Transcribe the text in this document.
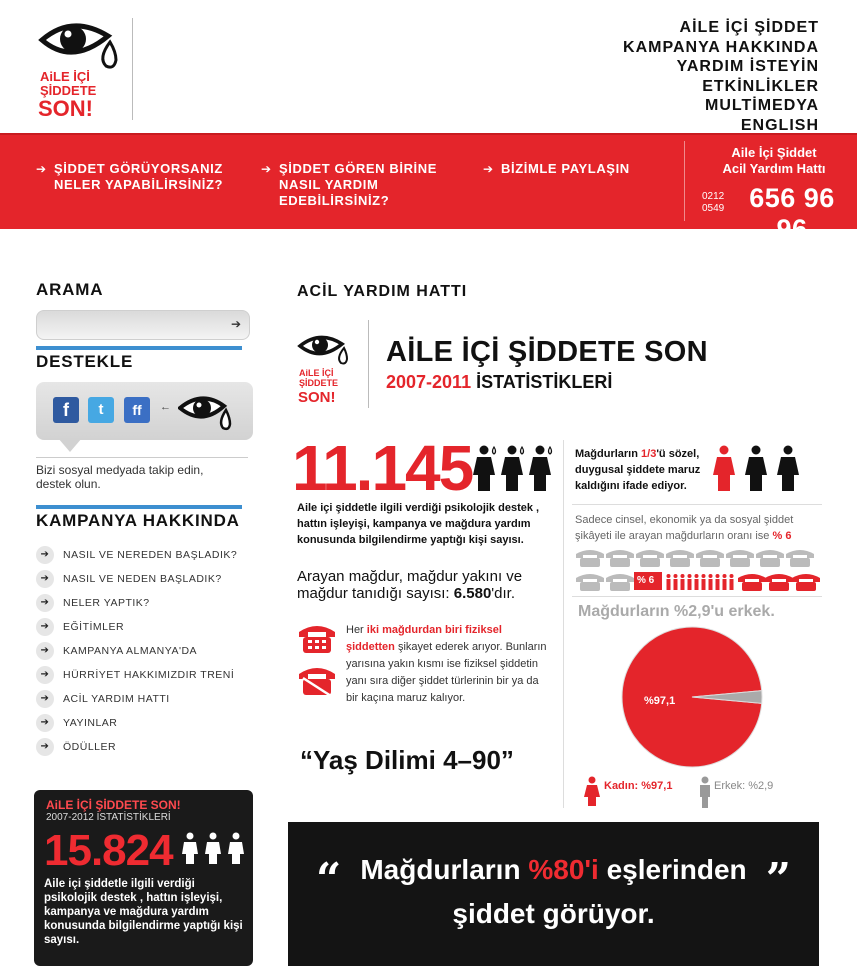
AiLE İÇİ
ŞİDDETE
SON!
AİLE İÇİ ŞİDDET
KAMPANYA HAKKINDA
YARDIM İSTEYİN
ETKİNLİKLER
MULTİMEDYA
ENGLISH
➔ ŞİDDET GÖRÜYORSANIZ NELER YAPABİLİRSİNİZ?
➔ ŞİDDET GÖREN BİRİNE NASIL YARDIM EDEBİLİRSİNİZ?
➔ BİZİMLE PAYLAŞIN
Aile İçi Şiddet
Acil Yardım Hattı
0212
0549 656 96 96
ARAMA
➔
DESTEKLE
f	t	ff	←
Bizi sosyal medyada takip edin, destek olun.
KAMPANYA HAKKINDA
➔	NASIL VE NEREDEN BAŞLADIK?
➔	NASIL VE NEDEN BAŞLADIK?
➔	NELER YAPTIK?
➔	EĞİTİMLER
➔	KAMPANYA ALMANYA'DA
➔	HÜRRİYET HAKKIMIZDIR TRENİ
➔	ACİL YARDIM HATTI
➔	YAYINLAR
➔	ÖDÜLLER
AiLE İÇİ ŞİDDETE SON!
2007-2012 İSTATİSTİKLERİ
15.824
Aile içi şiddetle ilgili verdiği psikolojik destek , hattın işleyişi, kampanya ve mağdura yardım konusunda bilgilendirme yaptığı kişi sayısı.
ACİL YARDIM HATTI
AiLE İÇİ
ŞİDDETE
SON!
AİLE İÇİ ŞİDDETE SON
2007-2011 İSTATİSTİKLERİ
11.145
Aile içi şiddetle ilgili verdiği psikolojik destek , hattın işleyişi, kampanya ve mağdura yardım konusunda bilgilendirme yaptığı kişi sayısı.
Arayan mağdur, mağdur yakını ve mağdur tanıdığı sayısı: 6.580'dır.
Her iki mağdurdan biri fiziksel şiddetten şikayet ederek arıyor. Bunların yarısına yakın kısmı ise fiziksel şiddetin yanı sıra diğer şiddet türlerinin bir ya da bir kaçına maruz kalıyor.
“Yaş Dilimi 4–90”
Mağdurların 1/3'ü sözel, duygusal şiddete maruz kaldığını ifade ediyor.
Sadece cinsel, ekonomik ya da sosyal şiddet şikâyeti ile arayan mağdurların oranı ise % 6
% 6
Mağdurların %2,9'u erkek.
%97,1
Kadın: %97,1	Erkek: %2,9
“	”
Mağdurların %80'i eşlerinden
şiddet görüyor.
